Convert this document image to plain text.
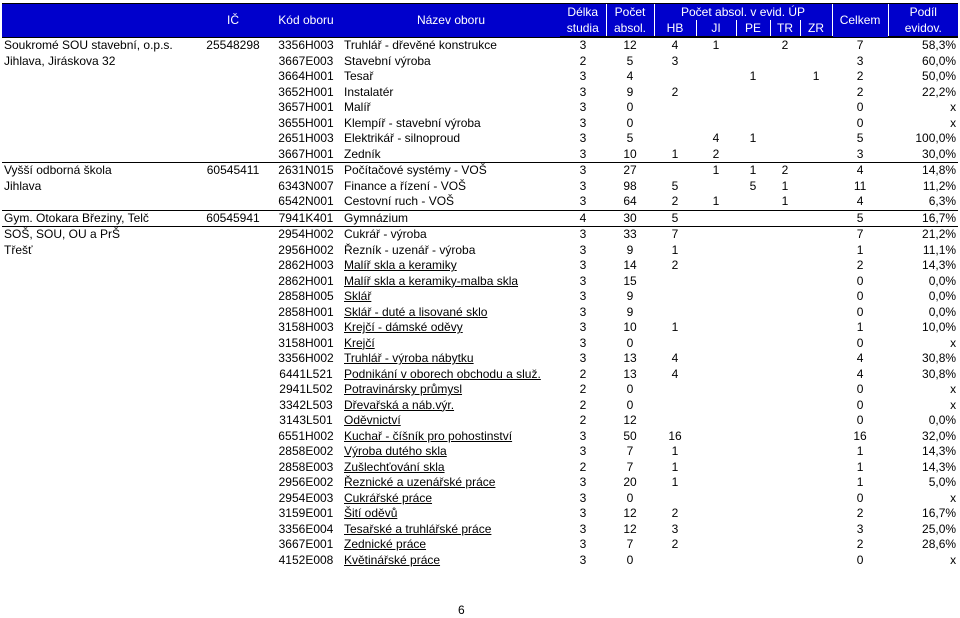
	IČ	Kód oboru	Název oboru	Délka	Počet	Počet absol. v evid. ÚP					Celkem	Podíl
				studia	absol.	HB	JI	PE	TR	ZR		evidov.
Soukromé SOU stavební, o.p.s.	25548298	3356H003	Truhlář - dřevěné konstrukce	3	12	4	1		2		7	58,3%
Jihlava, Jiráskova 32		3667E003	Stavební výroba	2	5	3					3	60,0%
		3664H001	Tesař	3	4			1		1	2	50,0%
		3652H001	Instalatér	3	9	2					2	22,2%
		3657H001	Malíř	3	0						0	x
		3655H001	Klempíř - stavební výroba	3	0						0	x
		2651H003	Elektrikář - silnoproud	3	5		4	1			5	100,0%
		3667H001	Zedník	3	10	1	2				3	30,0%
Vyšší odborná škola	60545411	2631N015	Počítačové systémy - VOŠ	3	27		1	1	2		4	14,8%
Jihlava		6343N007	Finance a řízení - VOŠ	3	98	5		5	1		11	11,2%
		6542N001	Cestovní ruch - VOŠ	3	64	2	1		1		4	6,3%
Gym. Otokara Březiny, Telč	60545941	7941K401	Gymnázium	4	30	5					5	16,7%
SOŠ, SOU, OU a PrŠ		2954H002	Cukrář - výroba	3	33	7					7	21,2%
Třešť		2956H002	Řezník - uzenář - výroba	3	9	1					1	11,1%
		2862H003	Malíř skla a keramiky	3	14	2					2	14,3%
		2862H001	Malíř skla a keramiky-malba skla	3	15						0	0,0%
		2858H005	Sklář	3	9						0	0,0%
		2858H001	Sklář - duté a lisované sklo	3	9						0	0,0%
		3158H003	Krejčí - dámské oděvy	3	10	1					1	10,0%
		3158H001	Krejčí	3	0						0	x
		3356H002	Truhlář - výroba nábytku	3	13	4					4	30,8%
		6441L521	Podnikání v oborech obchodu a služ.	2	13	4					4	30,8%
		2941L502	Potravinársky průmysl	2	0						0	x
		3342L503	Dřevařská a náb.výr.	2	0						0	x
		3143L501	Oděvnictví	2	12						0	0,0%
		6551H002	Kuchař - číšník pro pohostinství	3	50	16					16	32,0%
		2858E002	Výroba dutého skla	3	7	1					1	14,3%
		2858E003	Zušlechťování skla	2	7	1					1	14,3%
		2956E002	Řeznické a uzenářské práce	3	20	1					1	5,0%
		2954E003	Cukrářské práce	3	0						0	x
		3159E001	Šití oděvů	3	12	2					2	16,7%
		3356E004	Tesařské a truhlářské práce	3	12	3					3	25,0%
		3667E001	Zednické práce	3	7	2					2	28,6%
		4152E008	Květinářské práce	3	0						0	x
6
